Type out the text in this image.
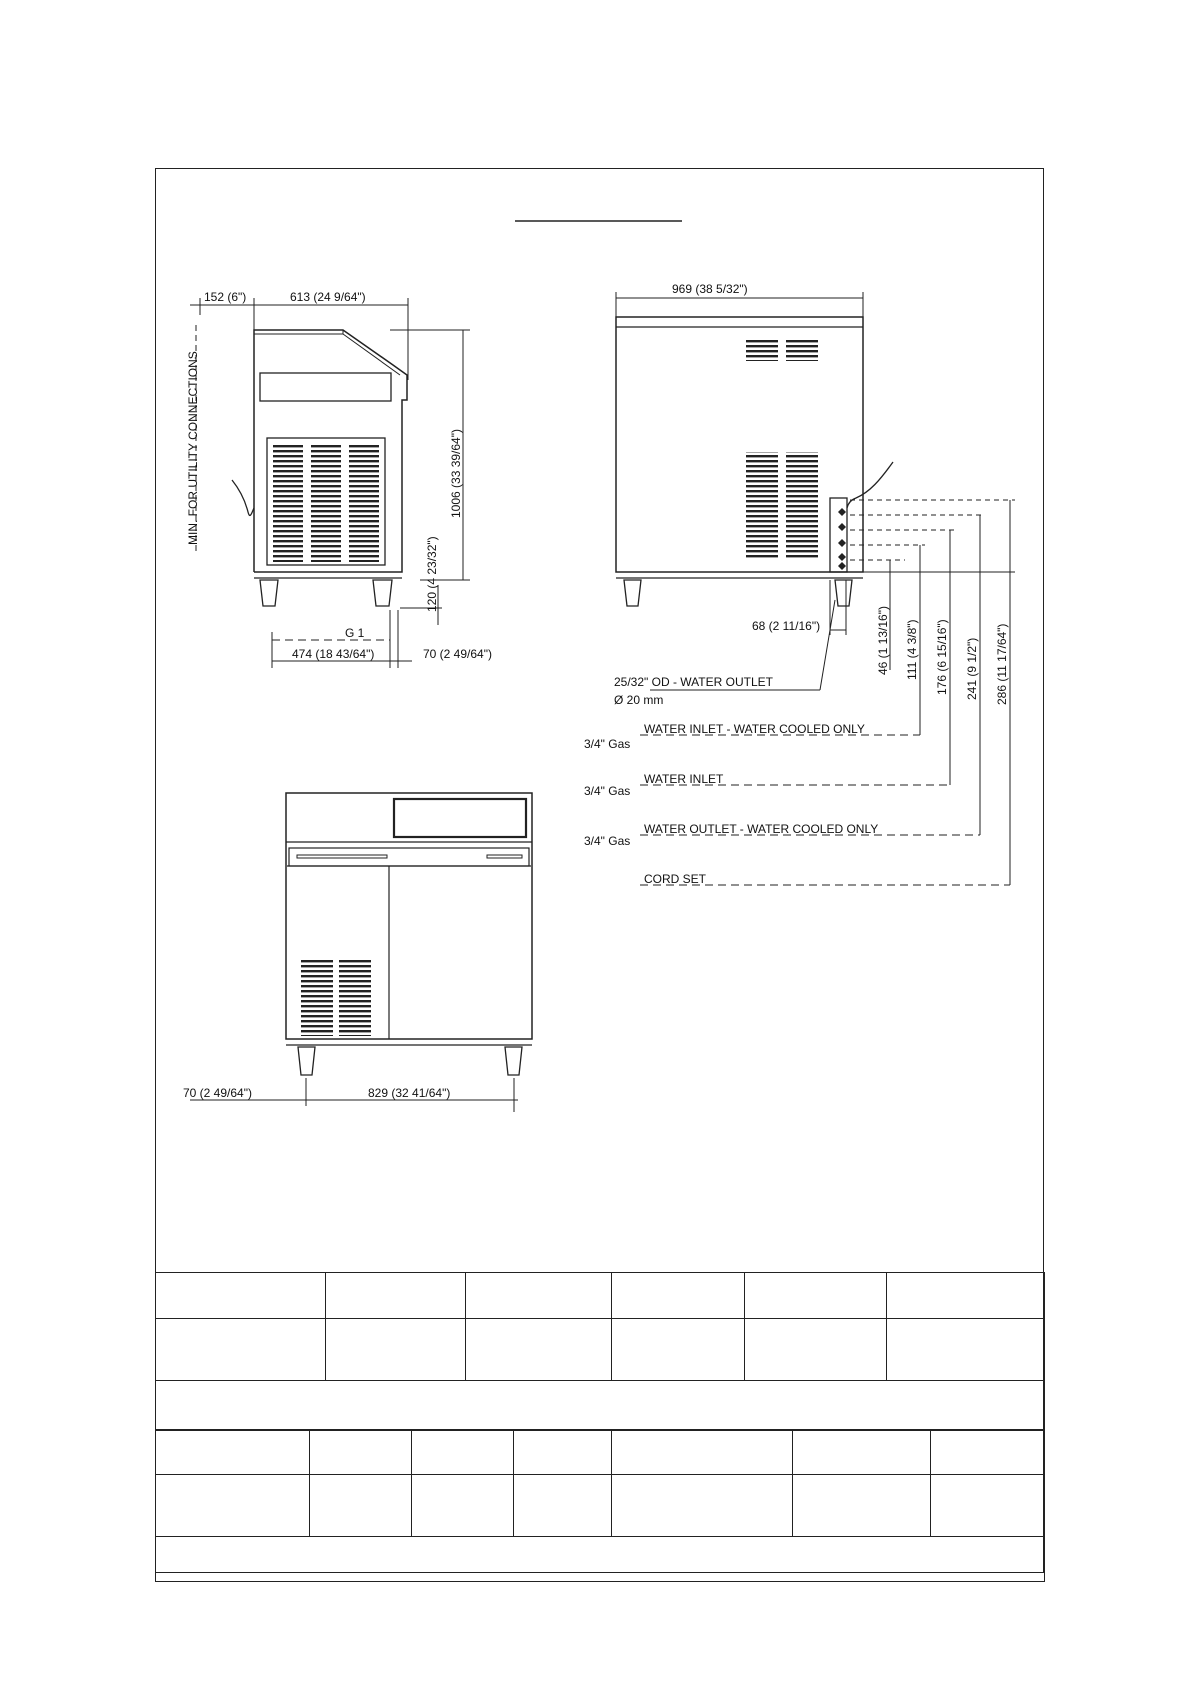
152 (6")	613 (24 9/64")
MIN. FOR UTILITY CONNECTIONS	1006 (33 39/64")
120 (4 23/32")
G 1
474 (18 43/64")	70 (2 49/64")
969 (38 5/32")
68 (2 11/16")	46 (1 13/16") 111 (4 3/8") 176 (6 15/16") 241 (9 1/2") 286 (11 17/64")
25/32" OD - WATER OUTLET
Ø 20 mm
3/4" Gas
WATER INLET - WATER COOLED ONLY
3/4" Gas
WATER INLET
3/4" Gas
WATER OUTLET - WATER COOLED ONLY
CORD SET
70 (2 49/64")	829 (32 41/64")
